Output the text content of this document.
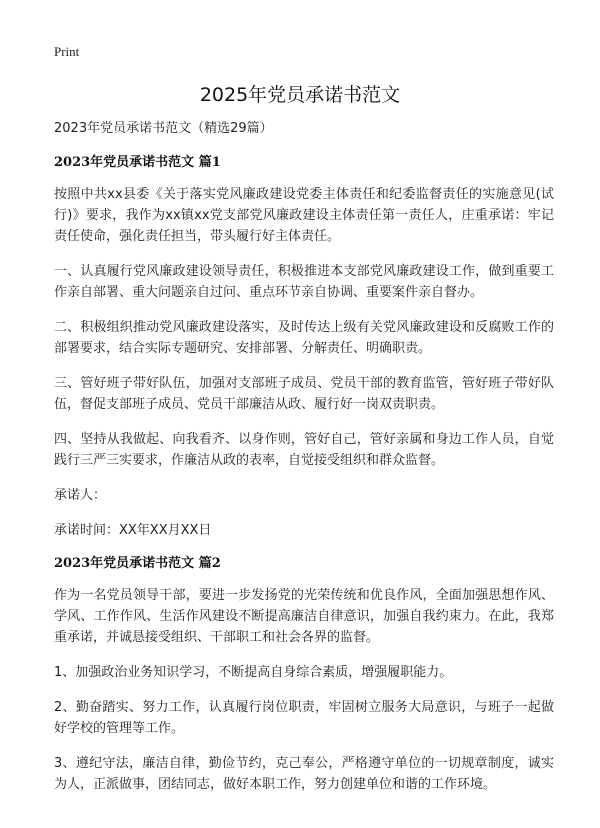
Print
2025年党员承诺书范文

2023年党员承诺书范文（精选29篇）

2023年党员承诺书范文 篇1

按照中共xx县委《关于落实党风廉政建设党委主体责任和纪委监督责任的实施意见(试行)》要求，我作为xx镇xx党支部党风廉政建设主体责任第一责任人，庄重承诺：牢记责任使命，强化责任担当，带头履行好主体责任。

一、认真履行党风廉政建设领导责任，积极推进本支部党风廉政建设工作，做到重要工作亲自部署、重大问题亲自过问、重点环节亲自协调、重要案件亲自督办。

二、积极组织推动党风廉政建设落实，及时传达上级有关党风廉政建设和反腐败工作的部署要求，结合实际专题研究、安排部署、分解责任、明确职责。

三、管好班子带好队伍，加强对支部班子成员、党员干部的教育监管，管好班子带好队伍，督促支部班子成员、党员干部廉洁从政、履行好一岗双责职责。

四、坚持从我做起、向我看齐、以身作则，管好自己，管好亲属和身边工作人员，自觉践行三严三实要求，作廉洁从政的表率，自觉接受组织和群众监督。

承诺人：

承诺时间：XX年XX月XX日

2023年党员承诺书范文 篇2

作为一名党员领导干部，要进一步发扬党的光荣传统和优良作风，全面加强思想作风、学风、工作作风、生活作风建设不断提高廉洁自律意识，加强自我约束力。在此，我郑重承诺，并诚恳接受组织、干部职工和社会各界的监督。

1、加强政治业务知识学习，不断提高自身综合素质，增强履职能力。

2、勤奋踏实、努力工作，认真履行岗位职责，牢固树立服务大局意识，与班子一起做好学校的管理等工作。

3、遵纪守法，廉洁自律，勤俭节约，克己奉公，严格遵守单位的一切规章制度，诚实为人，正派做事，团结同志，做好本职工作，努力创建单位和谐的工作环境。
